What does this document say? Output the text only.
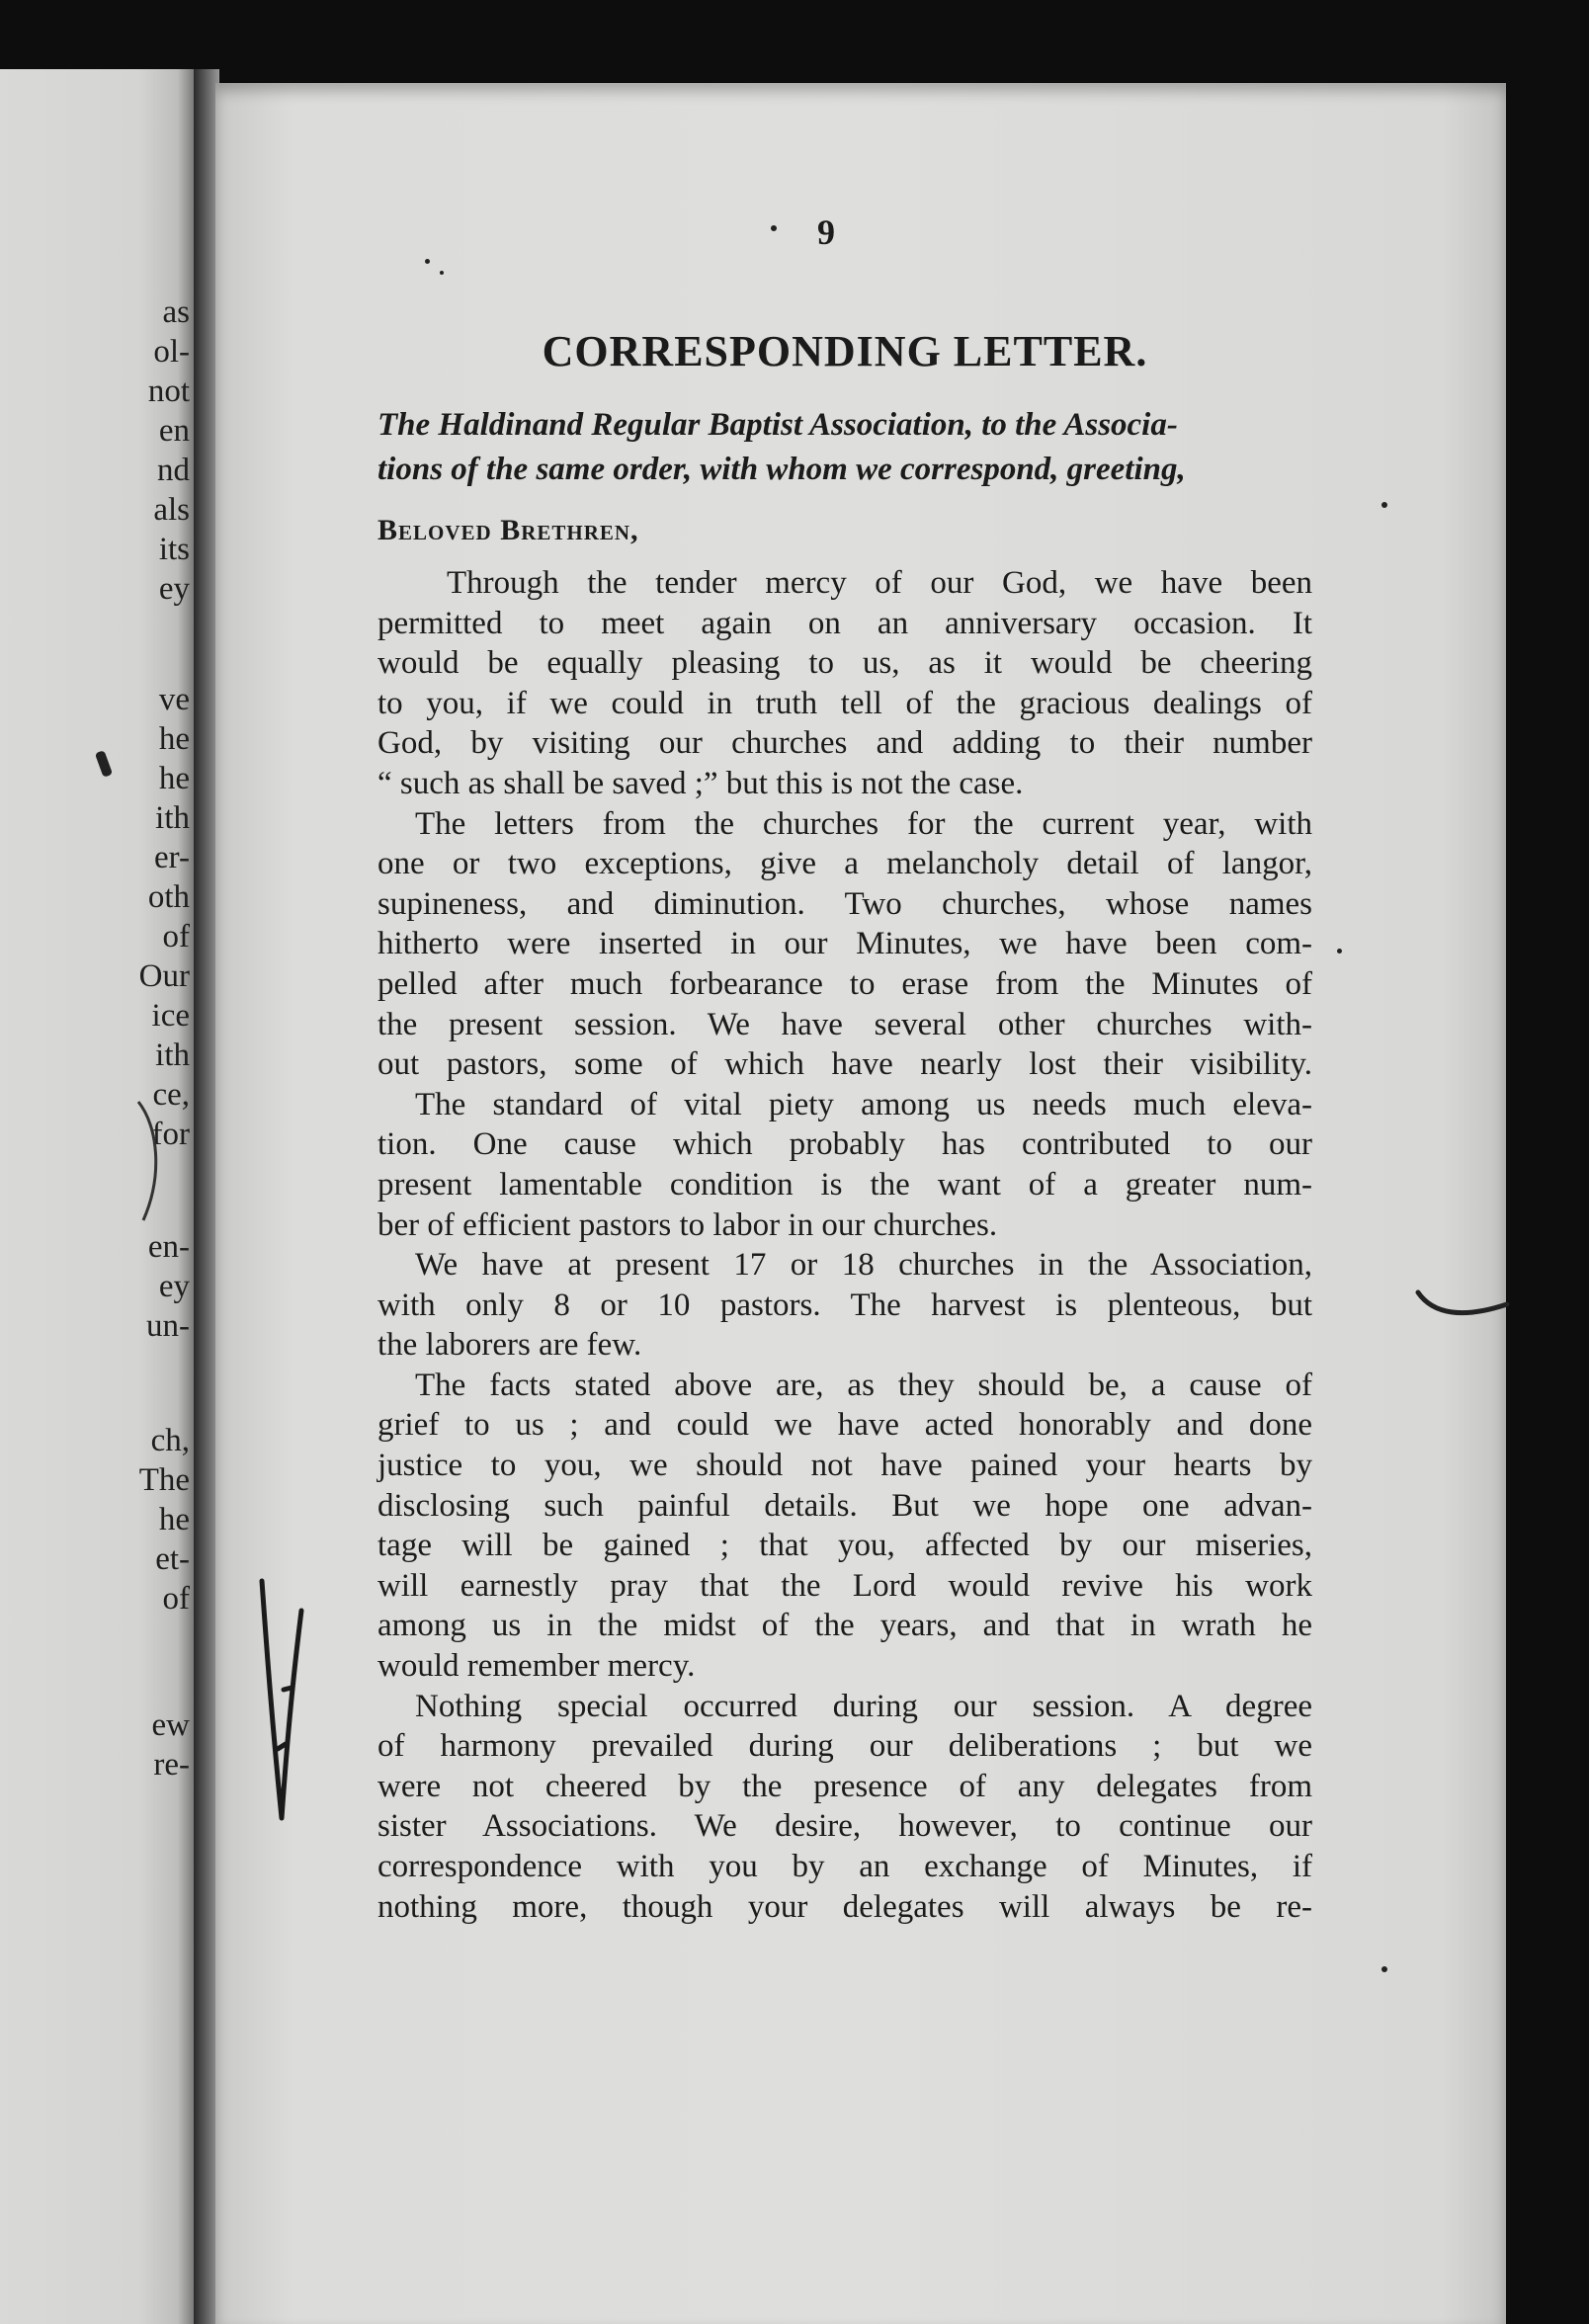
as
ol-
not
en
nd
als
its
ey
ve
he
he
ith
er-
oth
of
Our
ice
ith
ce,
for
en-
ey
un-
ch,
The
he
et-
of
ew
re-
9
CORRESPONDING LETTER.
The Haldinand Regular Baptist Association, to the Associa-
tions of the same order, with whom we correspond, greeting,
Beloved Brethren,
Through the tender mercy of our God, we have been
permitted to meet again on an anniversary occasion. It
would be equally pleasing to us, as it would be cheering
to you, if we could in truth tell of the gracious dealings of
God, by visiting our churches and adding to their number
“ such as shall be saved ;” but this is not the case.
The letters from the churches for the current year, with
one or two exceptions, give a melancholy detail of langor,
supineness, and diminution. Two churches, whose names
hitherto were inserted in our Minutes, we have been com-
pelled after much forbearance to erase from the Minutes of
the present session. We have several other churches with-
out pastors, some of which have nearly lost their visibility.
The standard of vital piety among us needs much eleva-
tion. One cause which probably has contributed to our
present lamentable condition is the want of a greater num-
ber of efficient pastors to labor in our churches.
We have at present 17 or 18 churches in the Association,
with only 8 or 10 pastors. The harvest is plenteous, but
the laborers are few.
The facts stated above are, as they should be, a cause of
grief to us ; and could we have acted honorably and done
justice to you, we should not have pained your hearts by
disclosing such painful details. But we hope one advan-
tage will be gained ; that you, affected by our miseries,
will earnestly pray that the Lord would revive his work
among us in the midst of the years, and that in wrath he
would remember mercy.
Nothing special occurred during our session. A degree
of harmony prevailed during our deliberations ; but we
were not cheered by the presence of any delegates from
sister Associations. We desire, however, to continue our
correspondence with you by an exchange of Minutes, if
nothing more, though your delegates will always be re-
